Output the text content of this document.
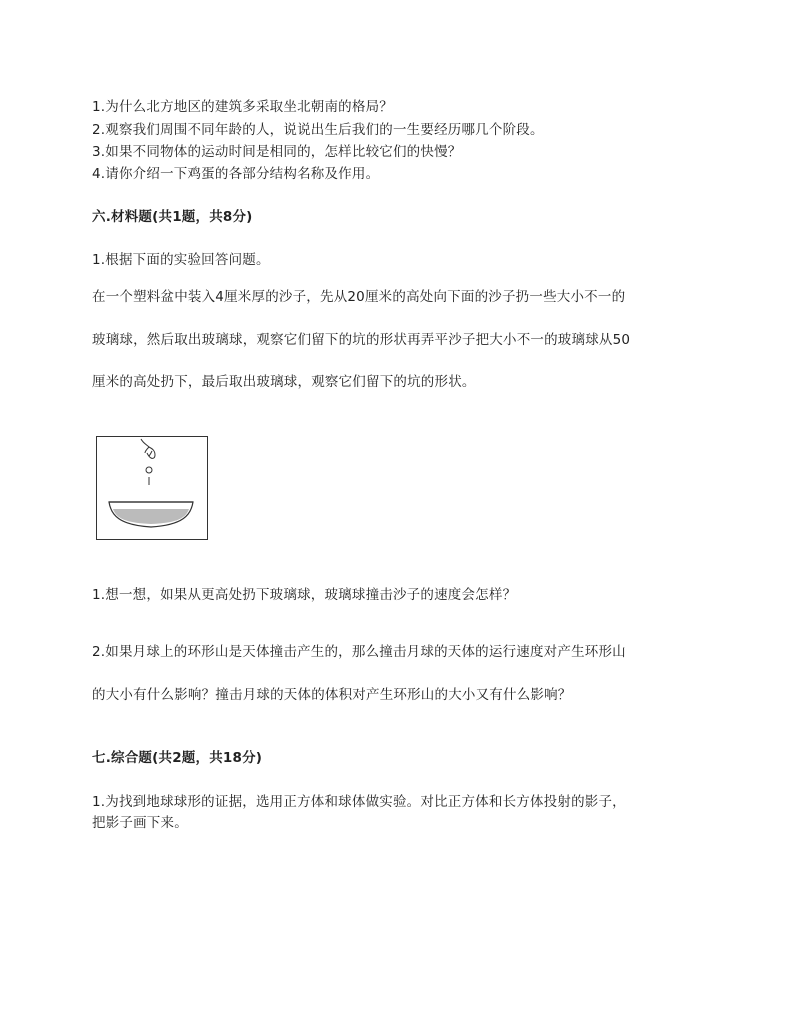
1.为什么北方地区的建筑多采取坐北朝南的格局？
2.观察我们周围不同年龄的人，说说出生后我们的一生要经历哪几个阶段。
3.如果不同物体的运动时间是相同的，怎样比较它们的快慢？
4.请你介绍一下鸡蛋的各部分结构名称及作用。
六.材料题(共1题，共8分)
1.根据下面的实验回答问题。
在一个塑料盆中装入4厘米厚的沙子，先从20厘米的高处向下面的沙子扔一些大小不一的
玻璃球，然后取出玻璃球，观察它们留下的坑的形状再弄平沙子把大小不一的玻璃球从50
厘米的高处扔下，最后取出玻璃球，观察它们留下的坑的形状。
1.想一想，如果从更高处扔下玻璃球，玻璃球撞击沙子的速度会怎样？
2.如果月球上的环形山是天体撞击产生的，那么撞击月球的天体的运行速度对产生环形山
的大小有什么影响？撞击月球的天体的体积对产生环形山的大小又有什么影响？
七.综合题(共2题，共18分)
1.为找到地球球形的证据，选用正方体和球体做实验。对比正方体和长方体投射的影子，
把影子画下来。
